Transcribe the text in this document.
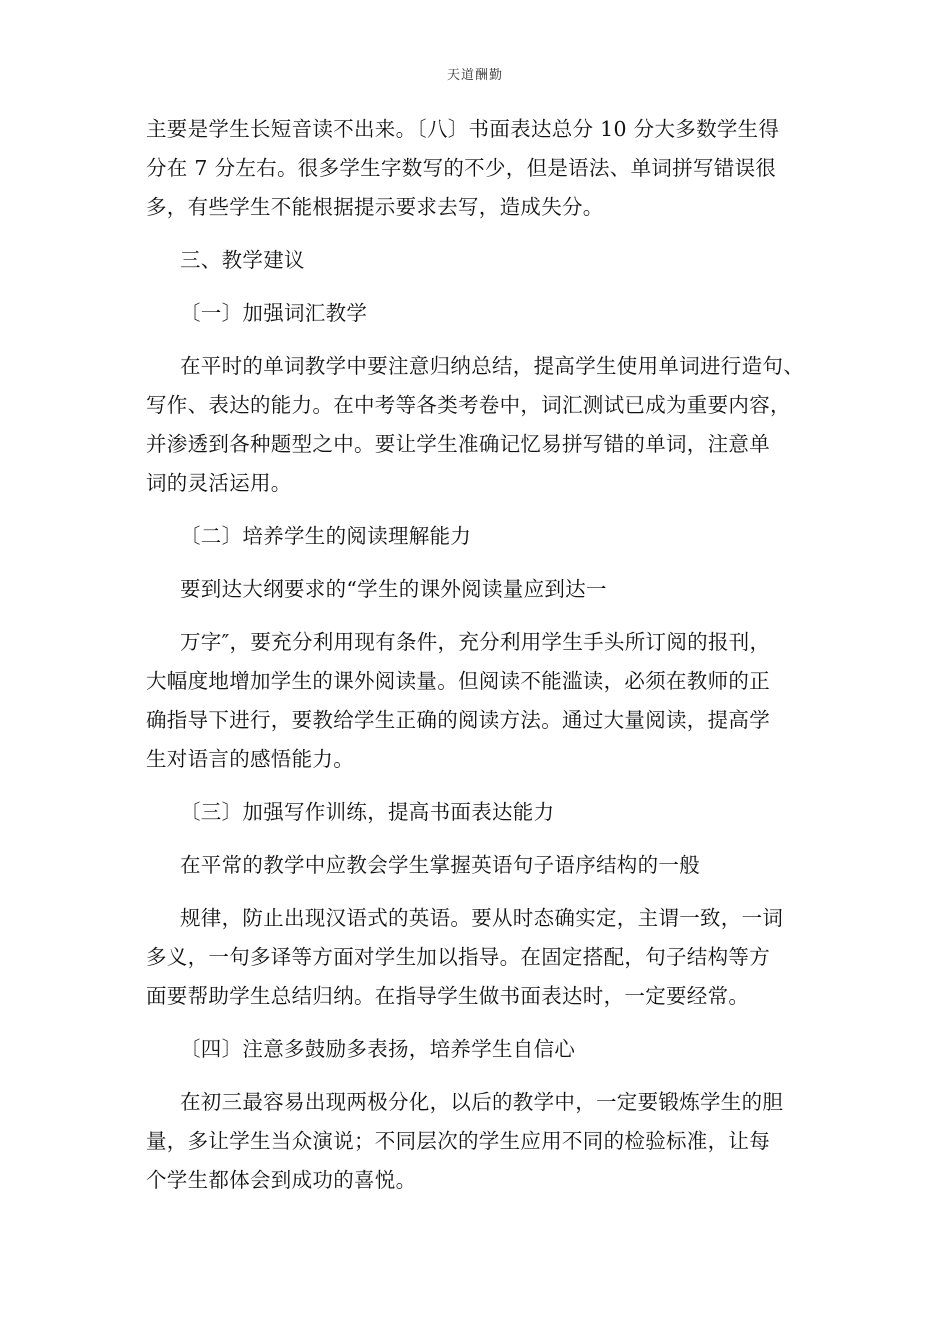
天道酬勤
主要是学生长短音读不出来。〔八〕书面表达总分 10 分大多数学生得
分在 7 分左右。很多学生字数写的不少，但是语法、单词拼写错误很
多，有些学生不能根据提示要求去写，造成失分。
三、教学建议
〔一〕加强词汇教学
在平时的单词教学中要注意归纳总结，提高学生使用单词进行造句、
写作、表达的能力。在中考等各类考卷中，词汇测试已成为重要内容，
并渗透到各种题型之中。要让学生准确记忆易拼写错的单词，注意单
词的灵活运用。
〔二〕培养学生的阅读理解能力
要到达大纲要求的“学生的课外阅读量应到达一
万字″，要充分利用现有条件，充分利用学生手头所订阅的报刊，
大幅度地增加学生的课外阅读量。但阅读不能滥读，必须在教师的正
确指导下进行，要教给学生正确的阅读方法。通过大量阅读，提高学
生对语言的感悟能力。
〔三〕加强写作训练，提高书面表达能力
在平常的教学中应教会学生掌握英语句子语序结构的一般
规律，防止出现汉语式的英语。要从时态确实定，主谓一致，一词
多义，一句多译等方面对学生加以指导。在固定搭配，句子结构等方
面要帮助学生总结归纳。在指导学生做书面表达时，一定要经常。
〔四〕注意多鼓励多表扬，培养学生自信心
在初三最容易出现两极分化，以后的教学中，一定要锻炼学生的胆
量，多让学生当众演说；不同层次的学生应用不同的检验标准，让每
个学生都体会到成功的喜悦。
